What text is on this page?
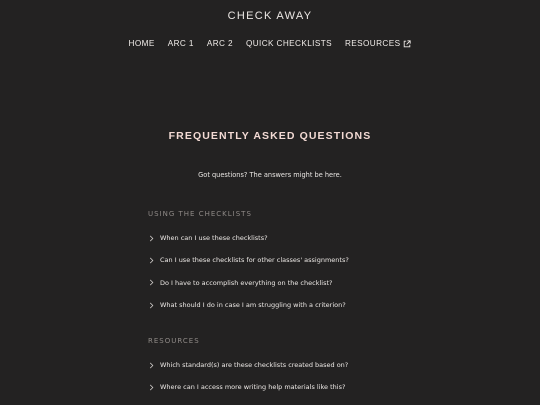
CHECK AWAY
HOME ARC 1 ARC 2 QUICK CHECKLISTS RESOURCES
FREQUENTLY ASKED QUESTIONS

Got questions? The answers might be here.

USING THE CHECKLISTS
When can I use these checklists?
Can I use these checklists for other classes' assignments?
Do I have to accomplish everything on the checklist?
What should I do in case I am struggling with a criterion?
RESOURCES
Which standard(s) are these checklists created based on?
Where can I access more writing help materials like this?
